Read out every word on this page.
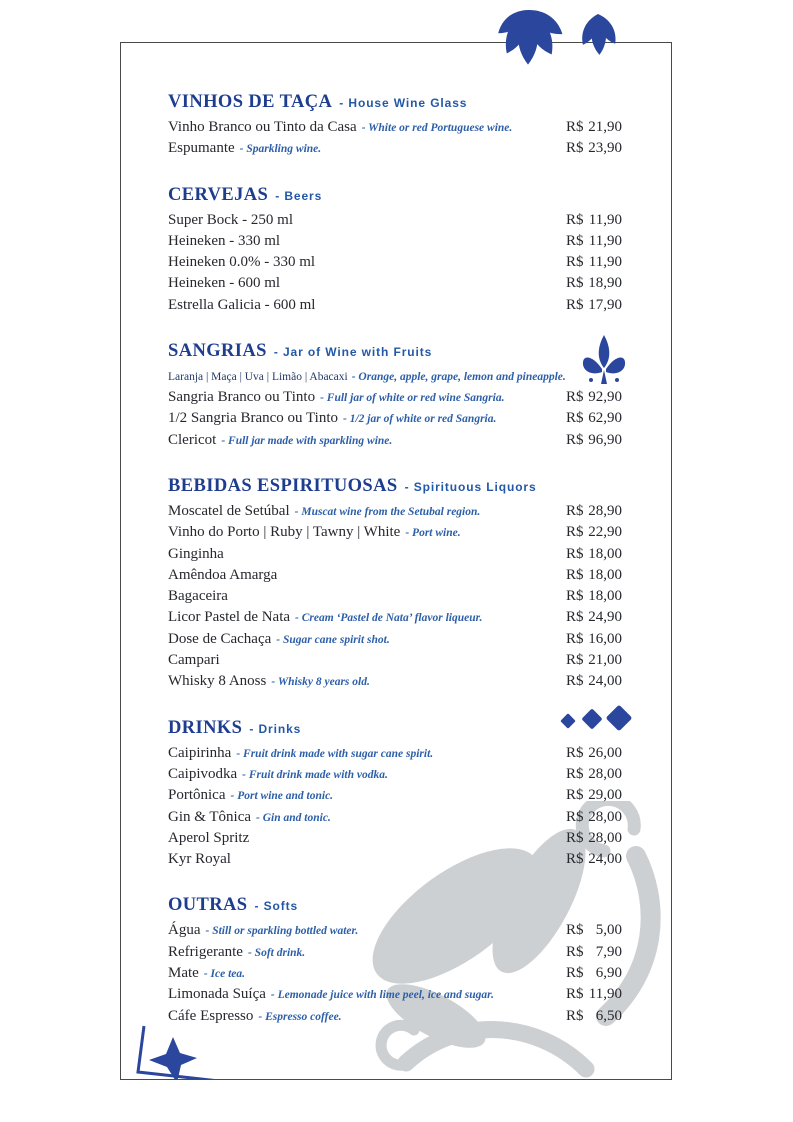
VINHOS DE TAÇA - House Wine Glass
Vinho Branco ou Tinto da Casa - White or red Portuguese wine.	R$ 21,90
Espumante - Sparkling wine.	R$ 23,90
CERVEJAS - Beers
Super Bock - 250 ml	R$ 11,90
Heineken - 330 ml	R$ 11,90
Heineken 0.0% - 330 ml	R$ 11,90
Heineken - 600 ml	R$ 18,90
Estrella Galicia - 600 ml	R$ 17,90
SANGRIAS - Jar of Wine with Fruits
Laranja | Maça | Uva | Limão | Abacaxi - Orange, apple, grape, lemon and pineapple.
Sangria Branco ou Tinto - Full jar of white or red wine Sangria.	R$ 92,90
1/2 Sangria Branco ou Tinto - 1/2 jar of white or red Sangria.	R$ 62,90
Clericot - Full jar made with sparkling wine.	R$ 96,90
BEBIDAS ESPIRITUOSAS - Spirituous Liquors
Moscatel de Setúbal - Muscat wine from the Setubal region.	R$ 28,90
Vinho do Porto | Ruby | Tawny | White - Port wine.	R$ 22,90
Ginginha	R$ 18,00
Amêndoa Amarga	R$ 18,00
Bagaceira	R$ 18,00
Licor Pastel de Nata - Cream ‘Pastel de Nata’ flavor liqueur.	R$ 24,90
Dose de Cachaça - Sugar cane spirit shot.	R$ 16,00
Campari	R$ 21,00
Whisky 8 Anoss - Whisky 8 years old.	R$ 24,00
DRINKS - Drinks
Caipirinha - Fruit drink made with sugar cane spirit.	R$ 26,00
Caipivodka - Fruit drink made with vodka.	R$ 28,00
Portônica - Port wine and tonic.	R$ 29,00
Gin & Tônica - Gin and tonic.	R$ 28,00
Aperol Spritz	R$ 28,00
Kyr Royal	R$ 24,00
OUTRAS - Softs
Água - Still or sparkling bottled water.	R$ 5,00
Refrigerante - Soft drink.	R$ 7,90
Mate - Ice tea.	R$ 6,90
Limonada Suíça - Lemonade juice with lime peel, ice and sugar.	R$ 11,90
Cáfe Espresso - Espresso coffee.	R$ 6,50
